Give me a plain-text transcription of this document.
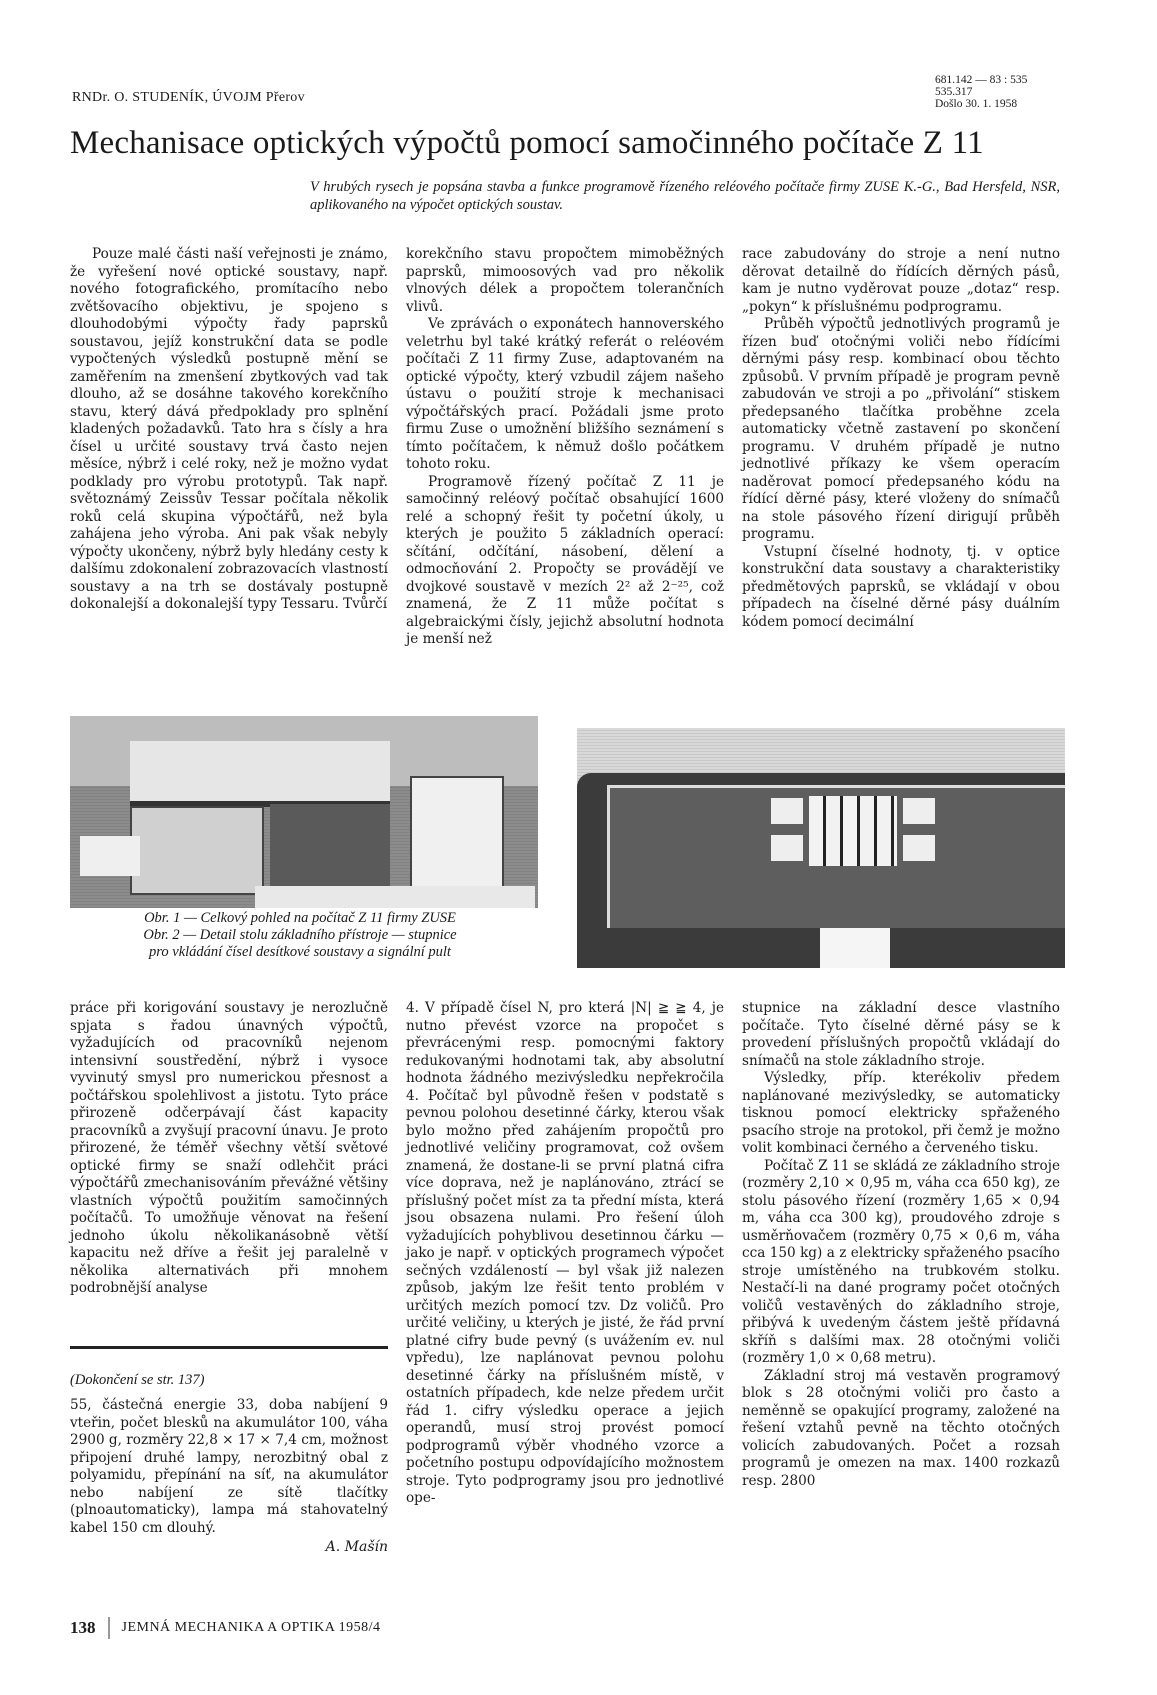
RNDr. O. STUDENÍK, ÚVOJM Přerov
681.142 — 83 : 535
535.317
Došlo 30. 1. 1958
Mechanisace optických výpočtů pomocí samočinného počítače Z 11
V hrubých rysech je popsána stavba a funkce programově řízeného reléového počítače firmy ZUSE K.-G., Bad Hersfeld, NSR, aplikovaného na výpočet optických soustav.

Pouze malé části naší veřejnosti je známo, že vyřešení nové optické soustavy, např. nového fotografického, promítacího nebo zvětšovacího objektivu, je spojeno s dlouhodobými výpočty řady paprsků soustavou, jejíž konstrukční data se podle vypočtených výsledků postupně mění se zaměřením na zmenšení zbytkových vad tak dlouho, až se dosáhne takového korekčního stavu, který dává předpoklady pro splnění kladených požadavků. Tato hra s čísly a hra čísel u určité soustavy trvá často nejen měsíce, nýbrž i celé roky, než je možno vydat podklady pro výrobu prototypů. Tak např. světoznámý Zeissův Tessar počítala několik roků celá skupina výpočtářů, než byla zahájena jeho výroba. Ani pak však nebyly výpočty ukončeny, nýbrž byly hledány cesty k dalšímu zdokonalení zobrazovacích vlastností soustavy a na trh se dostávaly postupně dokonalejší a dokonalejší typy Tessaru. Tvůrčí

korekčního stavu propočtem mimoběžných paprsků, mimoosových vad pro několik vlnových délek a propočtem tolerančních vlivů.

Ve zprávách o exponátech hannoverského veletrhu byl také krátký referát o reléovém počítači Z 11 firmy Zuse, adaptovaném na optické výpočty, který vzbudil zájem našeho ústavu o použití stroje k mechanisaci výpočtářských prací. Požádali jsme proto firmu Zuse o umožnění bližšího seznámení s tímto počítačem, k němuž došlo počátkem tohoto roku.

Programově řízený počítač Z 11 je samočinný reléový počítač obsahující 1600 relé a schopný řešit ty početní úkoly, u kterých je použito 5 základních operací: sčítání, odčítání, násobení, dělení a odmocňování 2. Propočty se provádějí ve dvojkové soustavě v mezích 2² až 2⁻²⁵, což znamená, že Z 11 může počítat s algebraickými čísly, jejichž absolutní hodnota je menší než

race zabudovány do stroje a není nutno děrovat detailně do řídících děrných pásů, kam je nutno vyděrovat pouze „dotaz“ resp. „pokyn“ k příslušnému podprogramu.

Průběh výpočtů jednotlivých programů je řízen buď otočnými voliči nebo řídícími děrnými pásy resp. kombinací obou těchto způsobů. V prvním případě je program pevně zabudován ve stroji a po „přivolání“ stiskem předepsaného tlačítka proběhne zcela automaticky včetně zastavení po skončení programu. V druhém případě je nutno jednotlivé příkazy ke všem operacím naděrovat pomocí předepsaného kódu na řídící děrné pásy, které vloženy do snímačů na stole pásového řízení dirigují průběh programu.

Vstupní číselné hodnoty, tj. v optice konstrukční data soustavy a charakteristiky předmětových paprsků, se vkládají v obou případech na číselné děrné pásy duálním kódem pomocí decimální

Obr. 1 — Celkový pohled na počítač Z 11 firmy ZUSE
Obr. 2 — Detail stolu základního přístroje — stupnice
pro vkládání čísel desítkové soustavy a signální pult

práce při korigování soustavy je nerozlučně spjata s řadou únavných výpočtů, vyžadujících od pracovníků nejenom intensivní soustředění, nýbrž i vysoce vyvinutý smysl pro numerickou přesnost a počtářskou spolehlivost a jistotu. Tyto práce přirozeně odčerpávají část kapacity pracovníků a zvyšují pracovní únavu. Je proto přirozené, že téměř všechny větší světové optické firmy se snaží odlehčit práci výpočtářů zmechanisováním převážné většiny vlastních výpočtů použitím samočinných počítačů. To umožňuje věnovat na řešení jednoho úkolu několikanásobně větší kapacitu než dříve a řešit jej paralelně v několika alternativách při mnohem podrobnější analyse

4. V případě čísel N, pro která |N| ≧ ≧ 4, je nutno převést vzorce na propočet s převrácenými resp. pomocnými faktory redukovanými hodnotami tak, aby absolutní hodnota žádného mezivýsledku nepřekročila 4. Počítač byl původně řešen v podstatě s pevnou polohou desetinné čárky, kterou však bylo možno před zahájením propočtů pro jednotlivé veličiny programovat, což ovšem znamená, že dostane-li se první platná cifra více doprava, než je naplánováno, ztrácí se příslušný počet míst za ta přední místa, která jsou obsazena nulami. Pro řešení úloh vyžadujících pohyblivou desetinnou čárku — jako je např. v optických programech výpočet sečných vzdáleností — byl však již nalezen způsob, jakým lze řešit tento problém v určitých mezích pomocí tzv. Dz voličů. Pro určité veličiny, u kterých je jisté, že řád první platné cifry bude pevný (s uvážením ev. nul vpředu), lze naplánovat pevnou polohu desetinné čárky na příslušném místě, v ostatních případech, kde nelze předem určit řád 1. cifry výsledku operace a jejich operandů, musí stroj provést pomocí podprogramů výběr vhodného vzorce a početního postupu odpovídajícího možnostem stroje. Tyto podprogramy jsou pro jednotlivé ope-

stupnice na základní desce vlastního počítače. Tyto číselné děrné pásy se k provedení příslušných propočtů vkládají do snímačů na stole základního stroje.

Výsledky, příp. kterékoliv předem naplánované mezivýsledky, se automaticky tisknou pomocí elektricky spřaženého psacího stroje na protokol, při čemž je možno volit kombinaci černého a červeného tisku.

Počítač Z 11 se skládá ze základního stroje (rozměry 2,10 × 0,95 m, váha cca 650 kg), ze stolu pásového řízení (rozměry 1,65 × 0,94 m, váha cca 300 kg), proudového zdroje s usměrňovačem (rozměry 0,75 × 0,6 m, váha cca 150 kg) a z elektricky spřaženého psacího stroje umístěného na trubkovém stolku. Nestačí-li na dané programy počet otočných voličů vestavěných do základního stroje, přibývá k uvedeným částem ještě přídavná skříň s dalšími max. 28 otočnými voliči (rozměry 1,0 × 0,68 metru).

Základní stroj má vestavěn programový blok s 28 otočnými voliči pro často a neměnně se opakující programy, založené na řešení vztahů pevně na těchto otočných volicích zabudovaných. Počet a rozsah programů je omezen na max. 1400 rozkazů resp. 2800

(Dokončení se str. 137)
55, částečná energie 33, doba nabíjení 9 vteřin, počet blesků na akumulátor 100, váha 2900 g, rozměry 22,8 × 17 × 7,4 cm, možnost připojení druhé lampy, nerozbitný obal z polyamidu, přepínání na síť, na akumulátor nebo nabíjení ze sítě tlačítky (plnoautomaticky), lampa má stahovatelný kabel 150 cm dlouhý.
A. Mašín
138 JEMNÁ MECHANIKA A OPTIKA 1958/4
